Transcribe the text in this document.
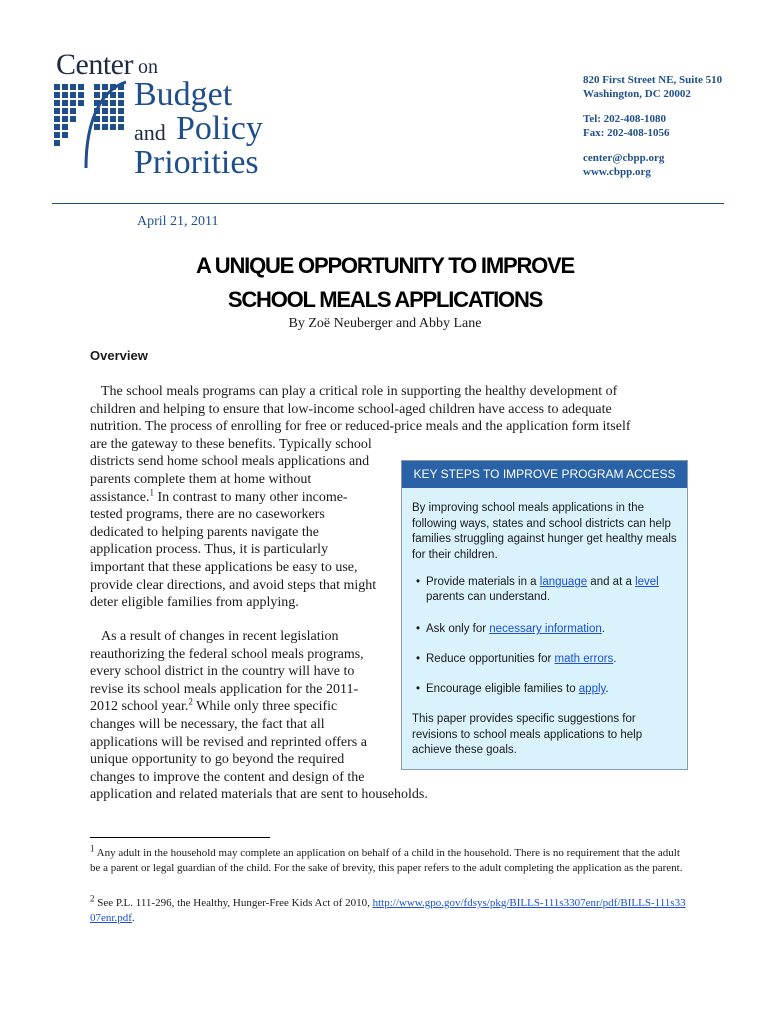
Center on
Budget
and Policy
Priorities
820 First Street NE, Suite 510
Washington, DC 20002
Tel: 202-408-1080
Fax: 202-408-1056
center@cbpp.org
www.cbpp.org
April 21, 2011
A UNIQUE OPPORTUNITY TO IMPROVE
SCHOOL MEALS APPLICATIONS
By Zoë Neuberger and Abby Lane
Overview
The school meals programs can play a critical role in supporting the healthy development of
children and helping to ensure that low-income school-aged children have access to adequate
nutrition. The process of enrolling for free or reduced-price meals and the application form itself
are the gateway to these benefits. Typically school
districts send home school meals applications and
parents complete them at home without
assistance.$^1$ In contrast to many other income-
tested programs, there are no caseworkers
dedicated to helping parents navigate the
application process. Thus, it is particularly
important that these applications be easy to use,
provide clear directions, and avoid steps that might
deter eligible families from applying.
As a result of changes in recent legislation
reauthorizing the federal school meals programs,
every school district in the country will have to
revise its school meals application for the 2011-
2012 school year.$^2$ While only three specific
changes will be necessary, the fact that all
applications will be revised and reprinted offers a
unique opportunity to go beyond the required
changes to improve the content and design of the
application and related materials that are sent to households.
KEY STEPS TO IMPROVE PROGRAM ACCESS
By improving school meals applications in the following ways, states and school districts can help families struggling against hunger get healthy meals for their children.
• Provide materials in a language and at a level parents can understand.
• Ask only for necessary information.
• Reduce opportunities for math errors.
• Encourage eligible families to apply.
This paper provides specific suggestions for revisions to school meals applications to help achieve these goals.
$^1$ Any adult in the household may complete an application on behalf of a child in the household. There is no requirement that the adult be a parent or legal guardian of the child. For the sake of brevity, this paper refers to the adult completing the application as the parent.
$^2$ See P.L. 111-296, the Healthy, Hunger-Free Kids Act of 2010, http://www.gpo.gov/fdsys/pkg/BILLS-111s3307enr/pdf/BILLS-111s3307enr.pdf.
